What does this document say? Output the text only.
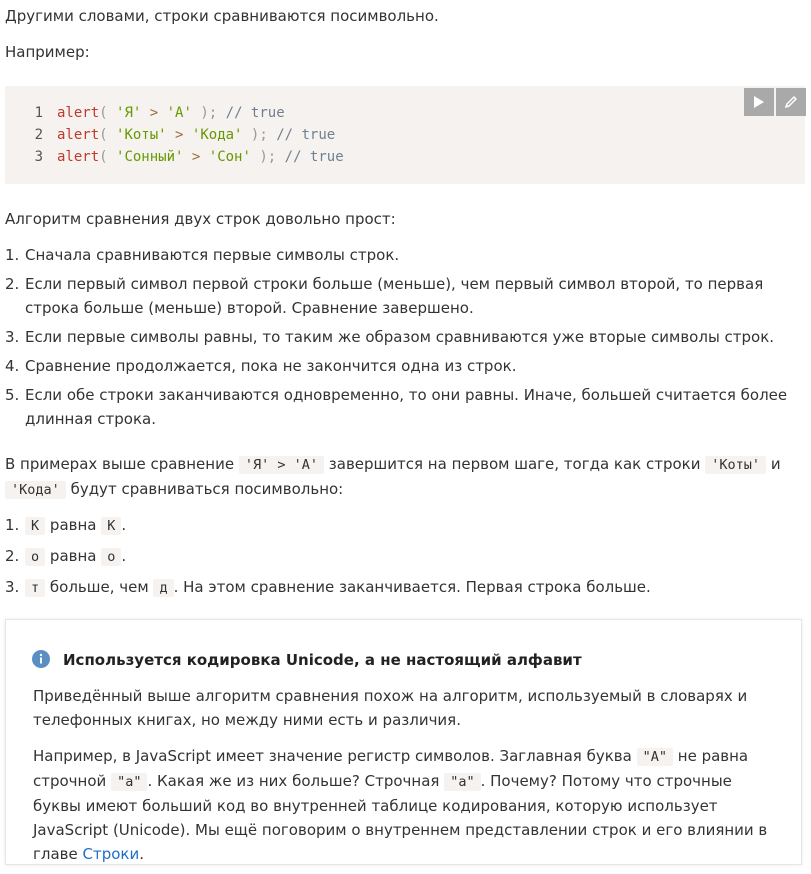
Другими словами, строки сравниваются посимвольно.

Например:

1 alert( 'Я' > 'А' ); // true
2 alert( 'Коты' > 'Кода' ); // true
3 alert( 'Сонный' > 'Сон' ); // true

Алгоритм сравнения двух строк довольно прост:

1. Сначала сравниваются первые символы строк.
2. Если первый символ первой строки больше (меньше), чем первый символ второй, то первая строка больше (меньше) второй. Сравнение завершено.
3. Если первые символы равны, то таким же образом сравниваются уже вторые символы строк.
4. Сравнение продолжается, пока не закончится одна из строк.
5. Если обе строки заканчиваются одновременно, то они равны. Иначе, большей считается более длинная строка.

В примерах выше сравнение 'Я' > 'А' завершится на первом шаге, тогда как строки 'Коты' и 'Кода' будут сравниваться посимвольно:

1. К равна К .
2. о равна о .
3. т больше, чем д . На этом сравнение заканчивается. Первая строка больше.
Используется кодировка Unicode, а не настоящий алфавит

Приведённый выше алгоритм сравнения похож на алгоритм, используемый в словарях и телефонных книгах, но между ними есть и различия.

Например, в JavaScript имеет значение регистр символов. Заглавная буква "А" не равна строчной "а" . Какая же из них больше? Строчная "а" . Почему? Потому что строчные буквы имеют больший код во внутренней таблице кодирования, которую использует JavaScript (Unicode). Мы ещё поговорим о внутреннем представлении строк и его влиянии в главе Строки.
